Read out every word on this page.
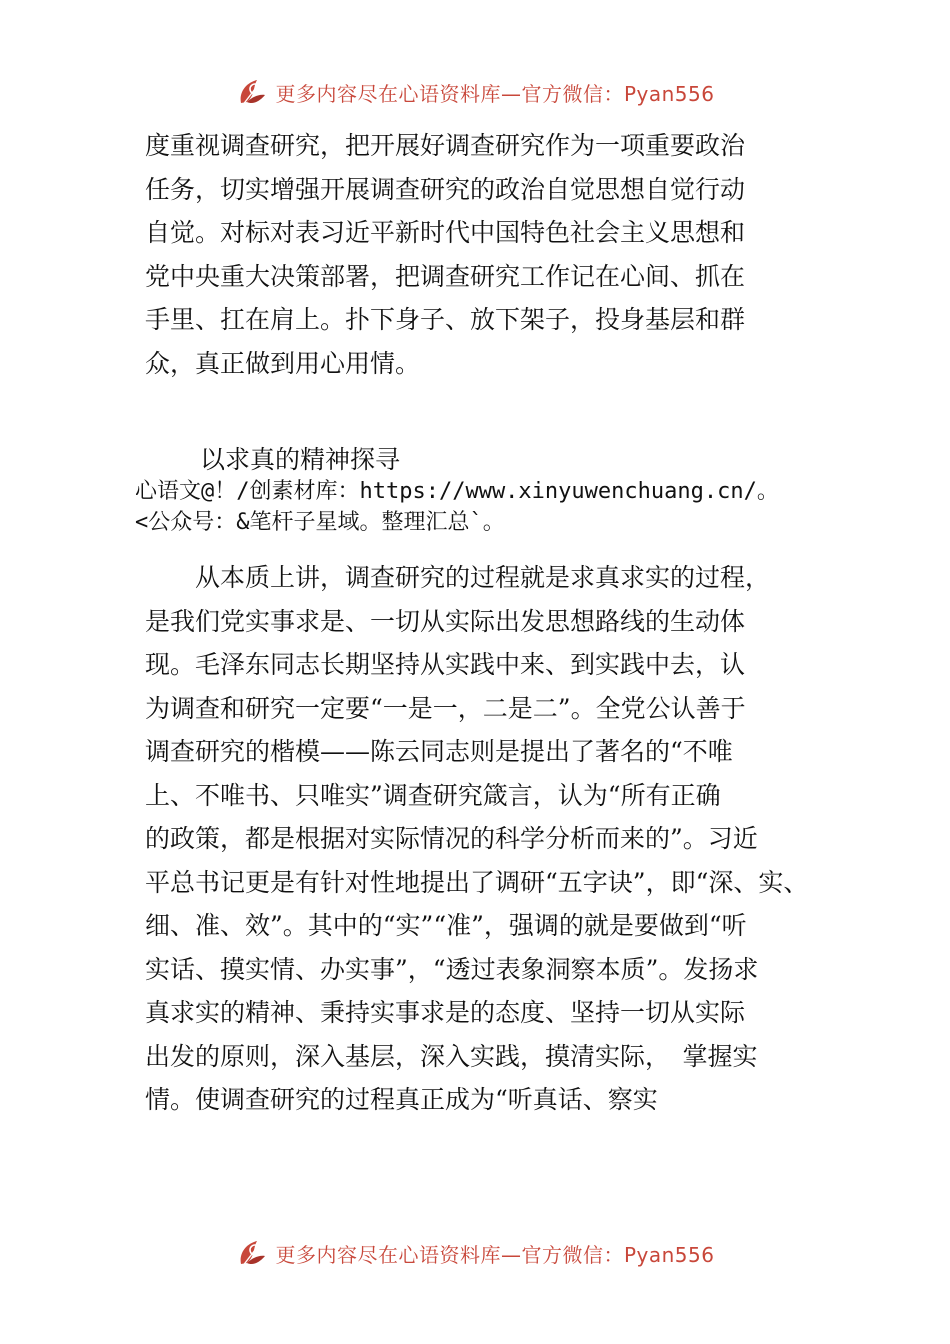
更多内容尽在心语资料库—官方微信：Pyan556
度重视调查研究，把开展好调查研究作为一项重要政治
任务，切实增强开展调查研究的政治自觉思想自觉行动
自觉。对标对表习近平新时代中国特色社会主义思想和
党中央重大决策部署，把调查研究工作记在心间、抓在
手里、扛在肩上。扑下身子、放下架子，投身基层和群
众，真正做到用心用情。

以求真的精神探寻

心语文@！/创素材库：https://www.xinyuwenchuang.cn/。

<公众号：&笔杆子星域。整理汇总`。

　　从本质上讲，调查研究的过程就是求真求实的过程，
是我们党实事求是、一切从实际出发思想路线的生动体
现。毛泽东同志长期坚持从实践中来、到实践中去，认
为调查和研究一定要“一是一，二是二”。全党公认善于
调查研究的楷模——陈云同志则是提出了著名的“不唯
上、不唯书、只唯实”调查研究箴言，认为“所有正确
的政策，都是根据对实际情况的科学分析而来的”。习近
平总书记更是有针对性地提出了调研“五字诀”，即“深、实、
细、准、效”。其中的“实”“准”，强调的就是要做到“听
实话、摸实情、办实事”，“透过表象洞察本质”。发扬求
真求实的精神、秉持实事求是的态度、坚持一切从实际
出发的原则，深入基层，深入实践，摸清实际，　掌握实
情。使调查研究的过程真正成为“听真话、察实
更多内容尽在心语资料库—官方微信：Pyan556
